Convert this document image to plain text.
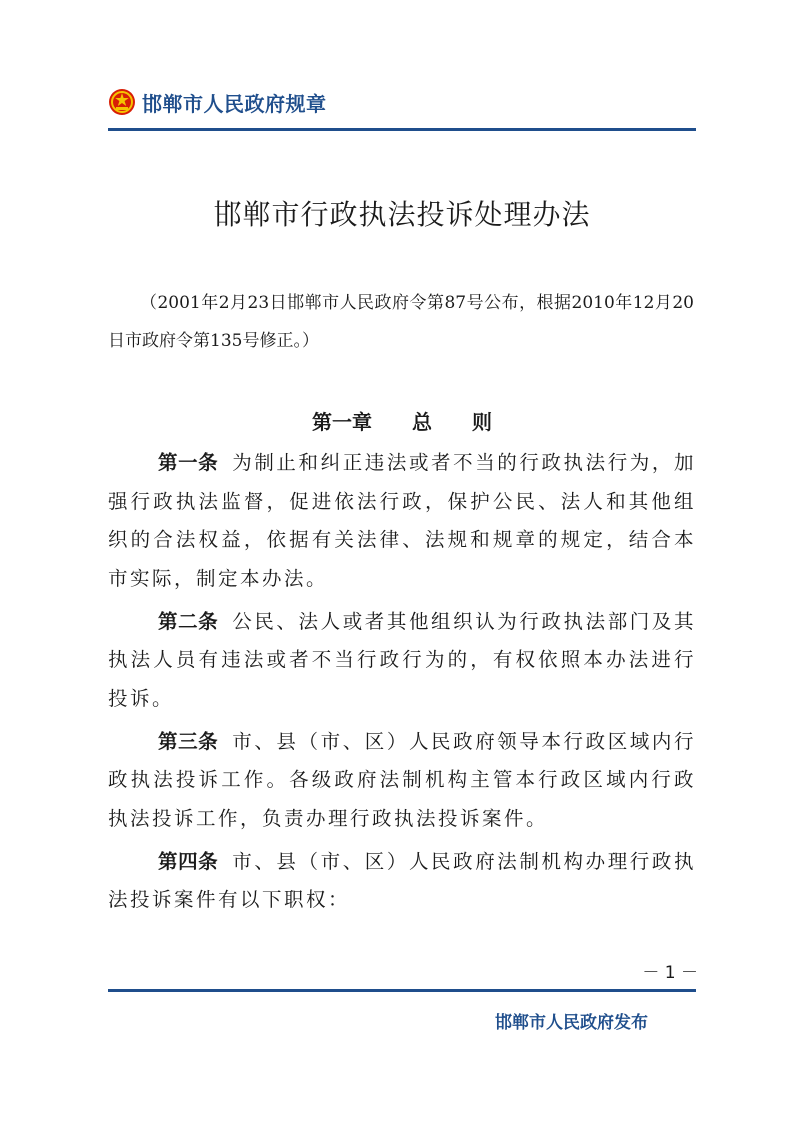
邯郸市人民政府规章
邯郸市行政执法投诉处理办法
（2001年2月23日邯郸市人民政府令第87号公布，根据2010年12月20日市政府令第135号修正。）
第一章　　总　　则

第一条 为制止和纠正违法或者不当的行政执法行为，加强行政执法监督，促进依法行政，保护公民、法人和其他组织的合法权益，依据有关法律、法规和规章的规定，结合本市实际，制定本办法。

第二条 公民、法人或者其他组织认为行政执法部门及其执法人员有违法或者不当行政行为的，有权依照本办法进行投诉。

第三条 市、县（市、区）人民政府领导本行政区域内行政执法投诉工作。各级政府法制机构主管本行政区域内行政执法投诉工作，负责办理行政执法投诉案件。

第四条 市、县（市、区）人民政府法制机构办理行政执法投诉案件有以下职权：

－ 1 －
邯郸市人民政府发布
